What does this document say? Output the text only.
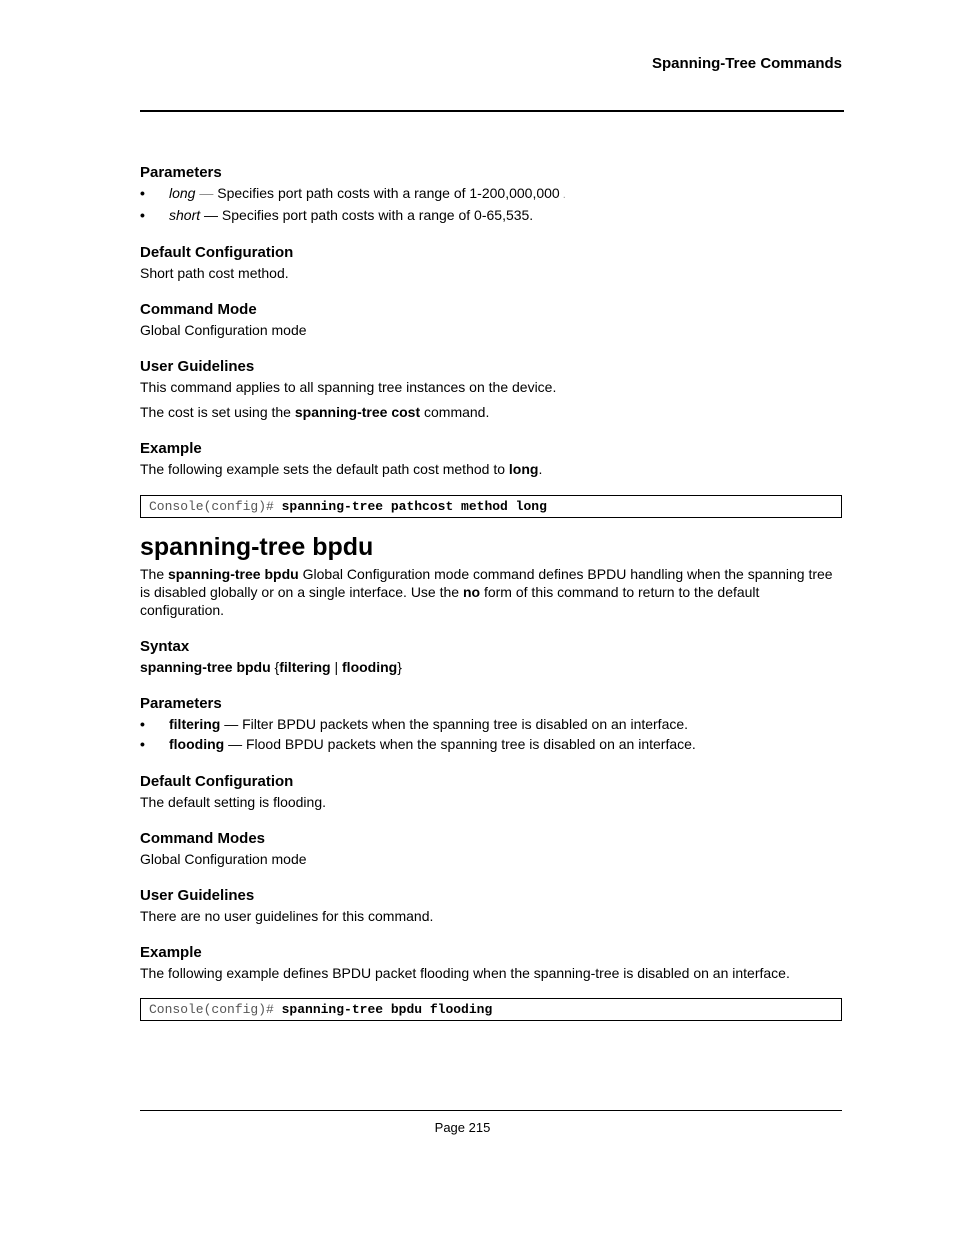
Spanning-Tree Commands
Parameters
• long — Specifies port path costs with a range of 1-200,000,000 .
• short — Specifies port path costs with a range of 0-65,535.
Default Configuration

Short path cost method.

Command Mode

Global Configuration mode

User Guidelines

This command applies to all spanning tree instances on the device.

The cost is set using the spanning-tree cost command.

Example

The following example sets the default path cost method to long.

Console(config)# spanning-tree pathcost method long
spanning-tree bpdu

The spanning-tree bpdu Global Configuration mode command defines BPDU handling when the spanning tree is disabled globally or on a single interface. Use the no form of this command to return to the default configuration.

Syntax

spanning-tree bpdu {filtering | flooding}

Parameters
• filtering — Filter BPDU packets when the spanning tree is disabled on an interface.
• flooding — Flood BPDU packets when the spanning tree is disabled on an interface.
Default Configuration

The default setting is flooding.

Command Modes

Global Configuration mode

User Guidelines

There are no user guidelines for this command.

Example

The following example defines BPDU packet flooding when the spanning-tree is disabled on an interface.

Console(config)# spanning-tree bpdu flooding
Page 215
